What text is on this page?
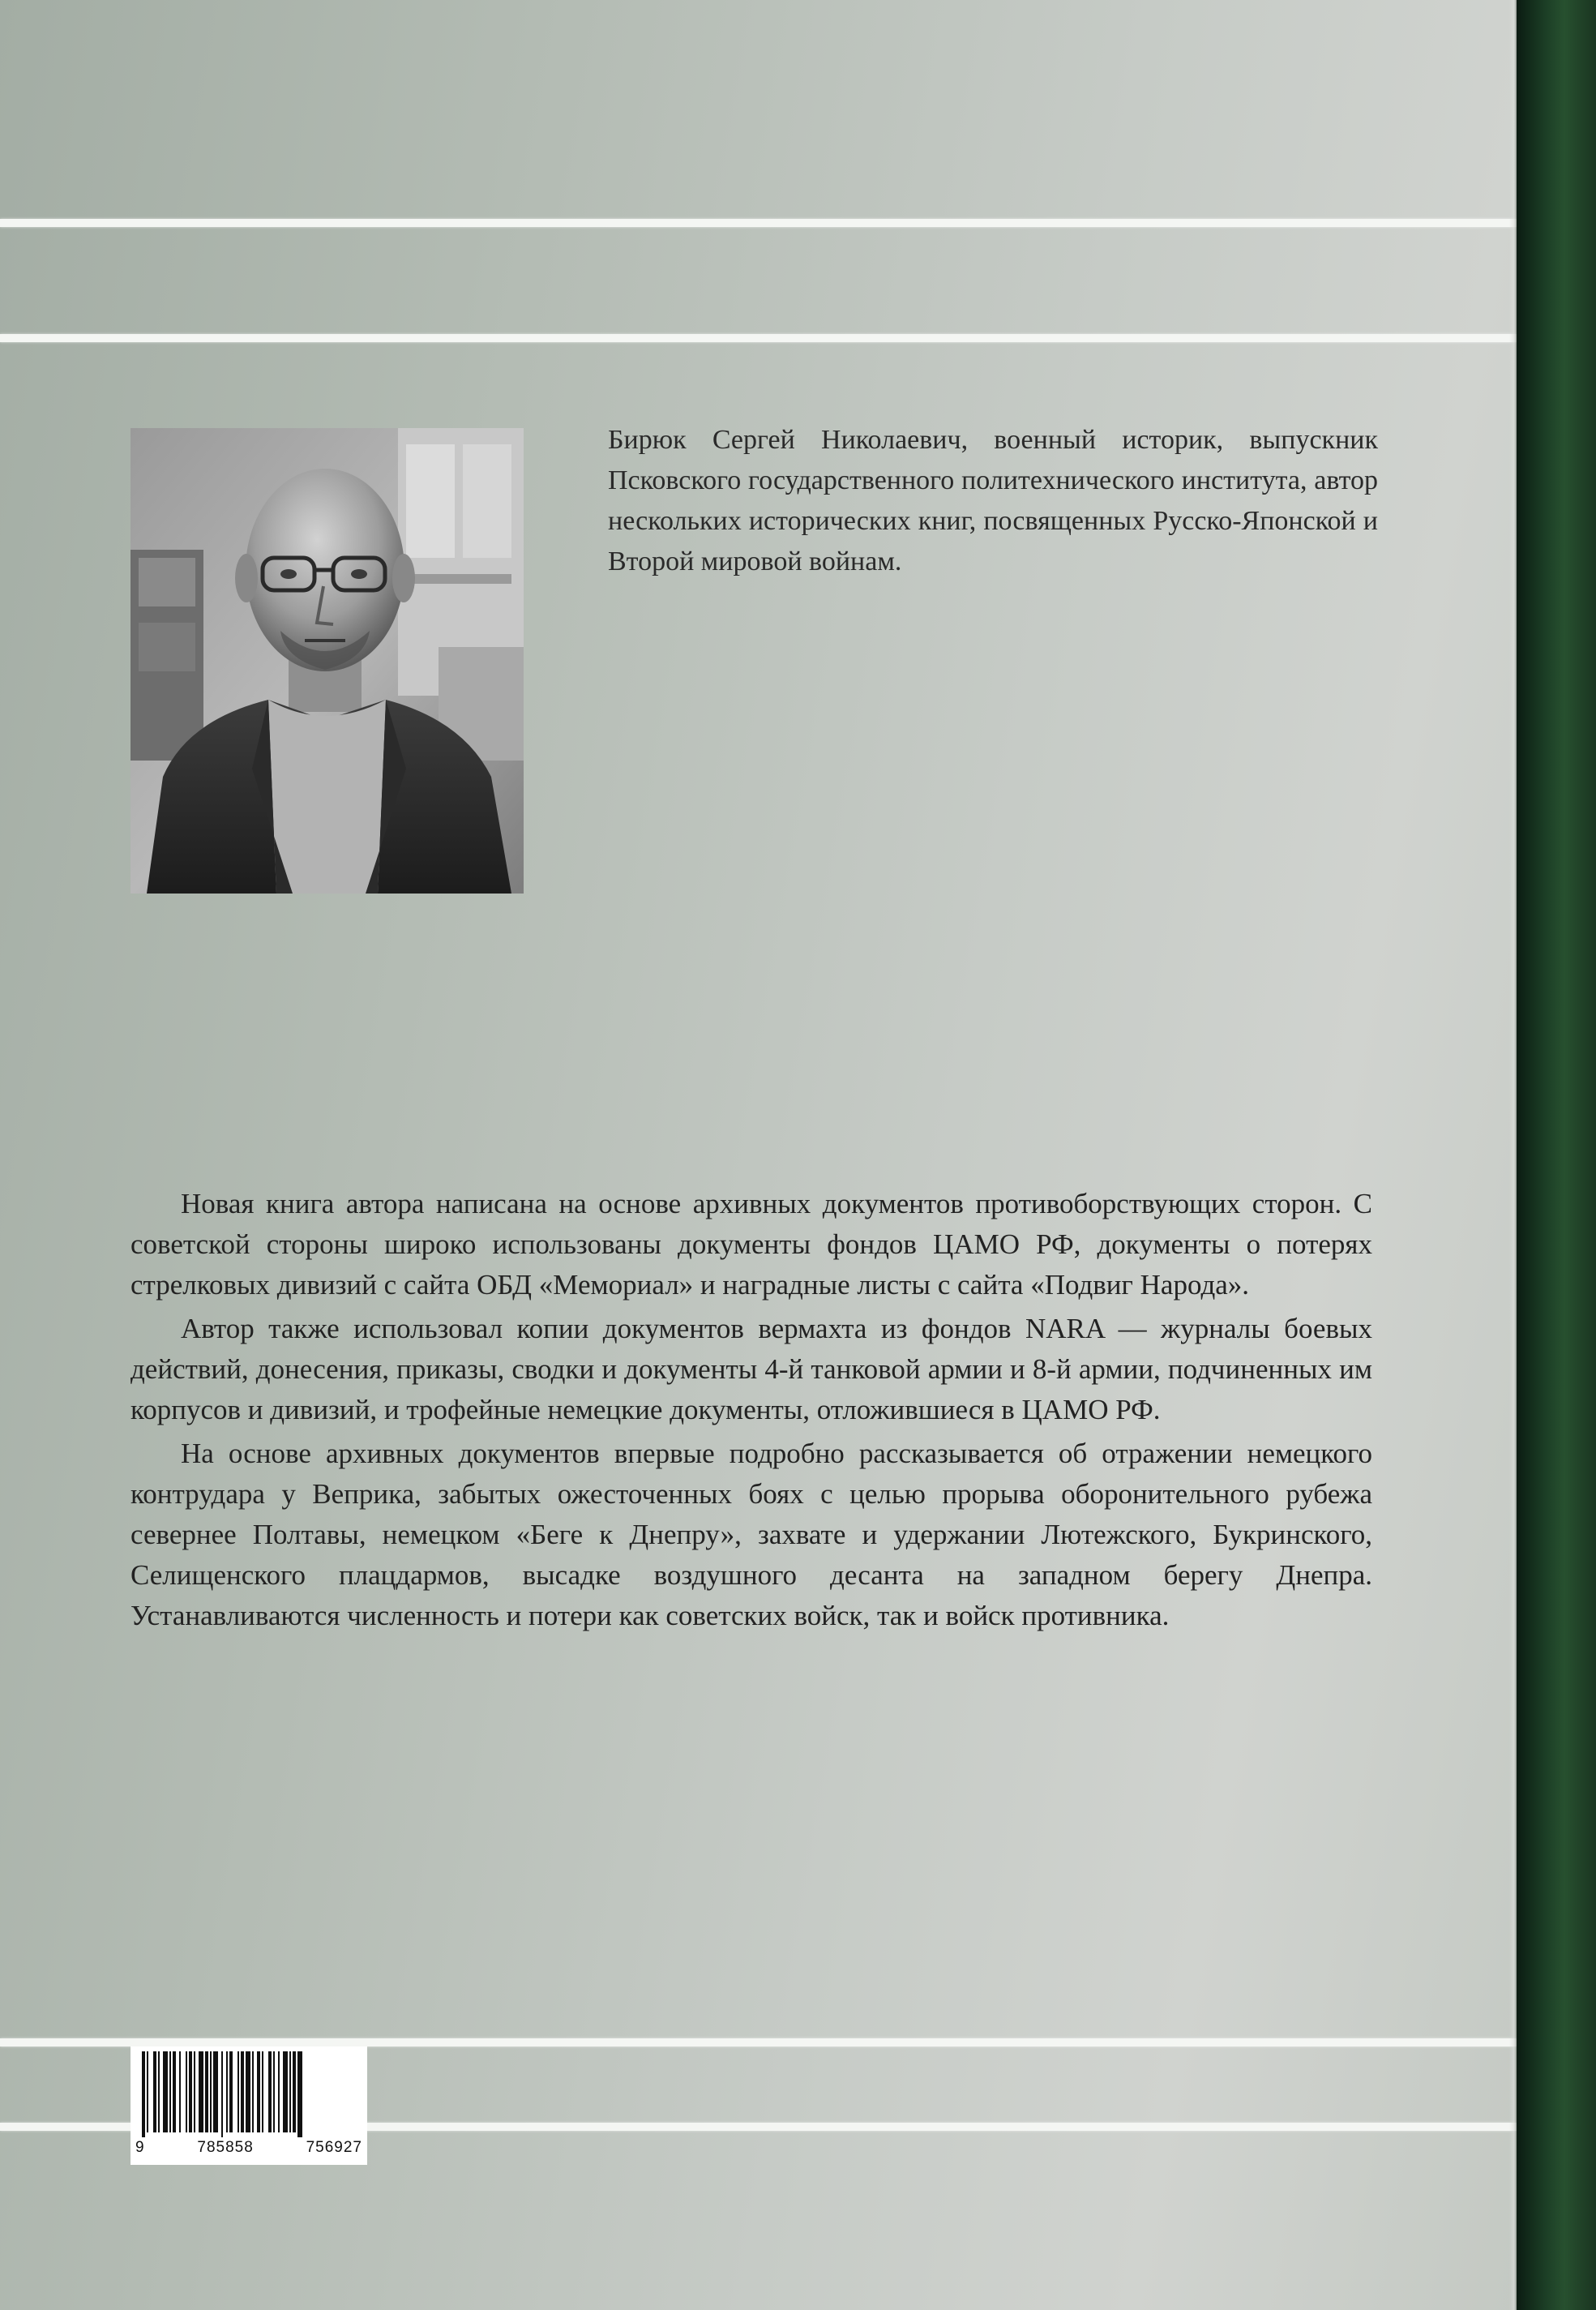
Бирюк Сергей Николаевич, военный историк, выпускник Псковского государственного политехнического института, автор нескольких исторических книг, посвященных Русско-Японской и Второй мировой войнам.

Новая книга автора написана на основе архивных документов противоборствующих сторон. С советской стороны широко использованы документы фондов ЦАМО РФ, документы о потерях стрелковых дивизий с сайта ОБД «Мемориал» и наградные листы с сайта «Подвиг Народа».

Автор также использовал копии документов вермахта из фондов NARA — журналы боевых действий, донесения, приказы, сводки и документы 4-й танковой армии и 8-й армии, подчиненных им корпусов и дивизий, и трофейные немецкие документы, отложившиеся в ЦАМО РФ.

На основе архивных документов впервые подробно рассказывается об отражении немецкого контрудара у Веприка, забытых ожесточенных боях с целью прорыва оборонительного рубежа севернее Полтавы, немецком «Беге к Днепру», захвате и удержании Лютежского, Букринского, Селищенского плацдармов, высадке воздушного десанта на западном берегу Днепра. Устанавливаются численность и потери как советских войск, так и войск противника.

9	785858	756927
